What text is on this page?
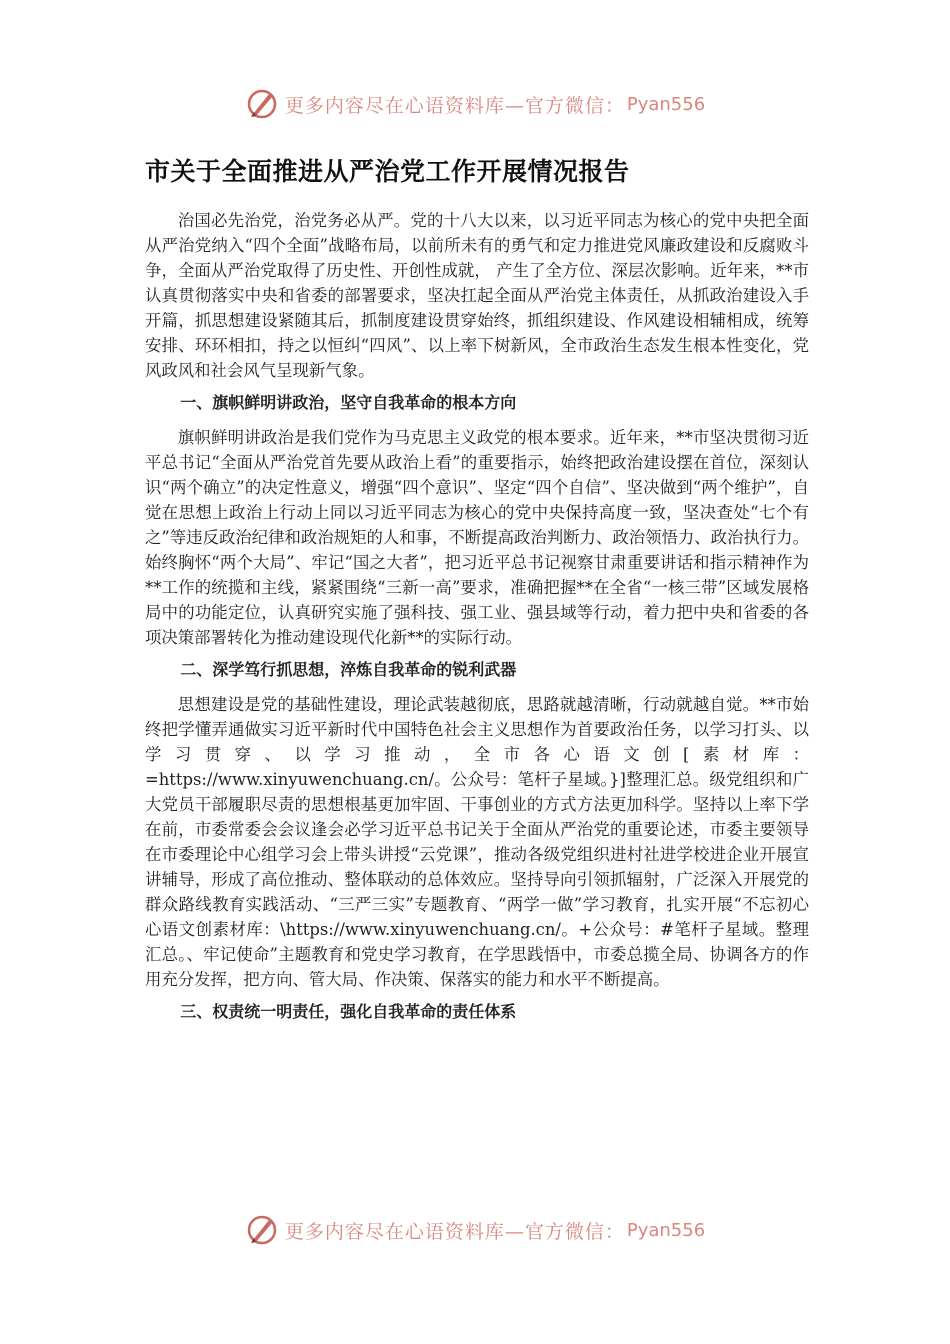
更多内容尽在心语资料库—官方微信： Pyan556
市关于全面推进从严治党工作开展情况报告

治国必先治党，治党务必从严。党的十八大以来，以习近平同志为核心的党中央把全面从严治党纳入“四个全面”战略布局，以前所未有的勇气和定力推进党风廉政建设和反腐败斗争，全面从严治党取得了历史性、开创性成就， 产生了全方位、深层次影响。近年来，**市认真贯彻落实中央和省委的部署要求，坚决扛起全面从严治党主体责任，从抓政治建设入手开篇，抓思想建设紧随其后，抓制度建设贯穿始终，抓组织建设、作风建设相辅相成，统筹安排、环环相扣，持之以恒纠“四风”、以上率下树新风，全市政治生态发生根本性变化，党风政风和社会风气呈现新气象。

一、旗帜鲜明讲政治，坚守自我革命的根本方向

旗帜鲜明讲政治是我们党作为马克思主义政党的根本要求。近年来，**市坚决贯彻习近平总书记“全面从严治党首先要从政治上看”的重要指示，始终把政治建设摆在首位，深刻认识“两个确立”的决定性意义，增强“四个意识”、坚定“四个自信”、坚决做到“两个维护”，自觉在思想上政治上行动上同以习近平同志为核心的党中央保持高度一致，坚决查处“七个有之”等违反政治纪律和政治规矩的人和事，不断提高政治判断力、政治领悟力、政治执行力。始终胸怀“两个大局”、牢记“国之大者”，把习近平总书记视察甘肃重要讲话和指示精神作为**工作的统揽和主线，紧紧围绕“三新一高”要求，准确把握**在全省“一核三带”区域发展格局中的功能定位，认真研究实施了强科技、强工业、强县域等行动，着力把中央和省委的各项决策部署转化为推动建设现代化新**的实际行动。

二、深学笃行抓思想，淬炼自我革命的锐利武器

思想建设是党的基础性建设，理论武装越彻底，思路就越清晰，行动就越自觉。**市始终把学懂弄通做实习近平新时代中国特色社会主义思想作为首要政治任务，以学习打头、以学习贯穿、以学习推动，全市各心语文创[素材库：=https://www.xinyuwenchuang.cn/。公众号：笔杆子星域。}]整理汇总。级党组织和广大党员干部履职尽责的思想根基更加牢固、干事创业的方式方法更加科学。坚持以上率下学在前，市委常委会会议逢会必学习近平总书记关于全面从严治党的重要论述，市委主要领导在市委理论中心组学习会上带头讲授“云党课”，推动各级党组织进村社进学校进企业开展宣讲辅导，形成了高位推动、整体联动的总体效应。坚持导向引领抓辐射，广泛深入开展党的群众路线教育实践活动、“三严三实”专题教育、“两学一做”学习教育，扎实开展“不忘初心心语文创素材库：\https://www.xinyuwenchuang.cn/。+公众号：#笔杆子星域。整理汇总。、牢记使命”主题教育和党史学习教育，在学思践悟中，市委总揽全局、协调各方的作用充分发挥，把方向、管大局、作决策、保落实的能力和水平不断提高。

三、权责统一明责任，强化自我革命的责任体系

更多内容尽在心语资料库—官方微信： Pyan556
